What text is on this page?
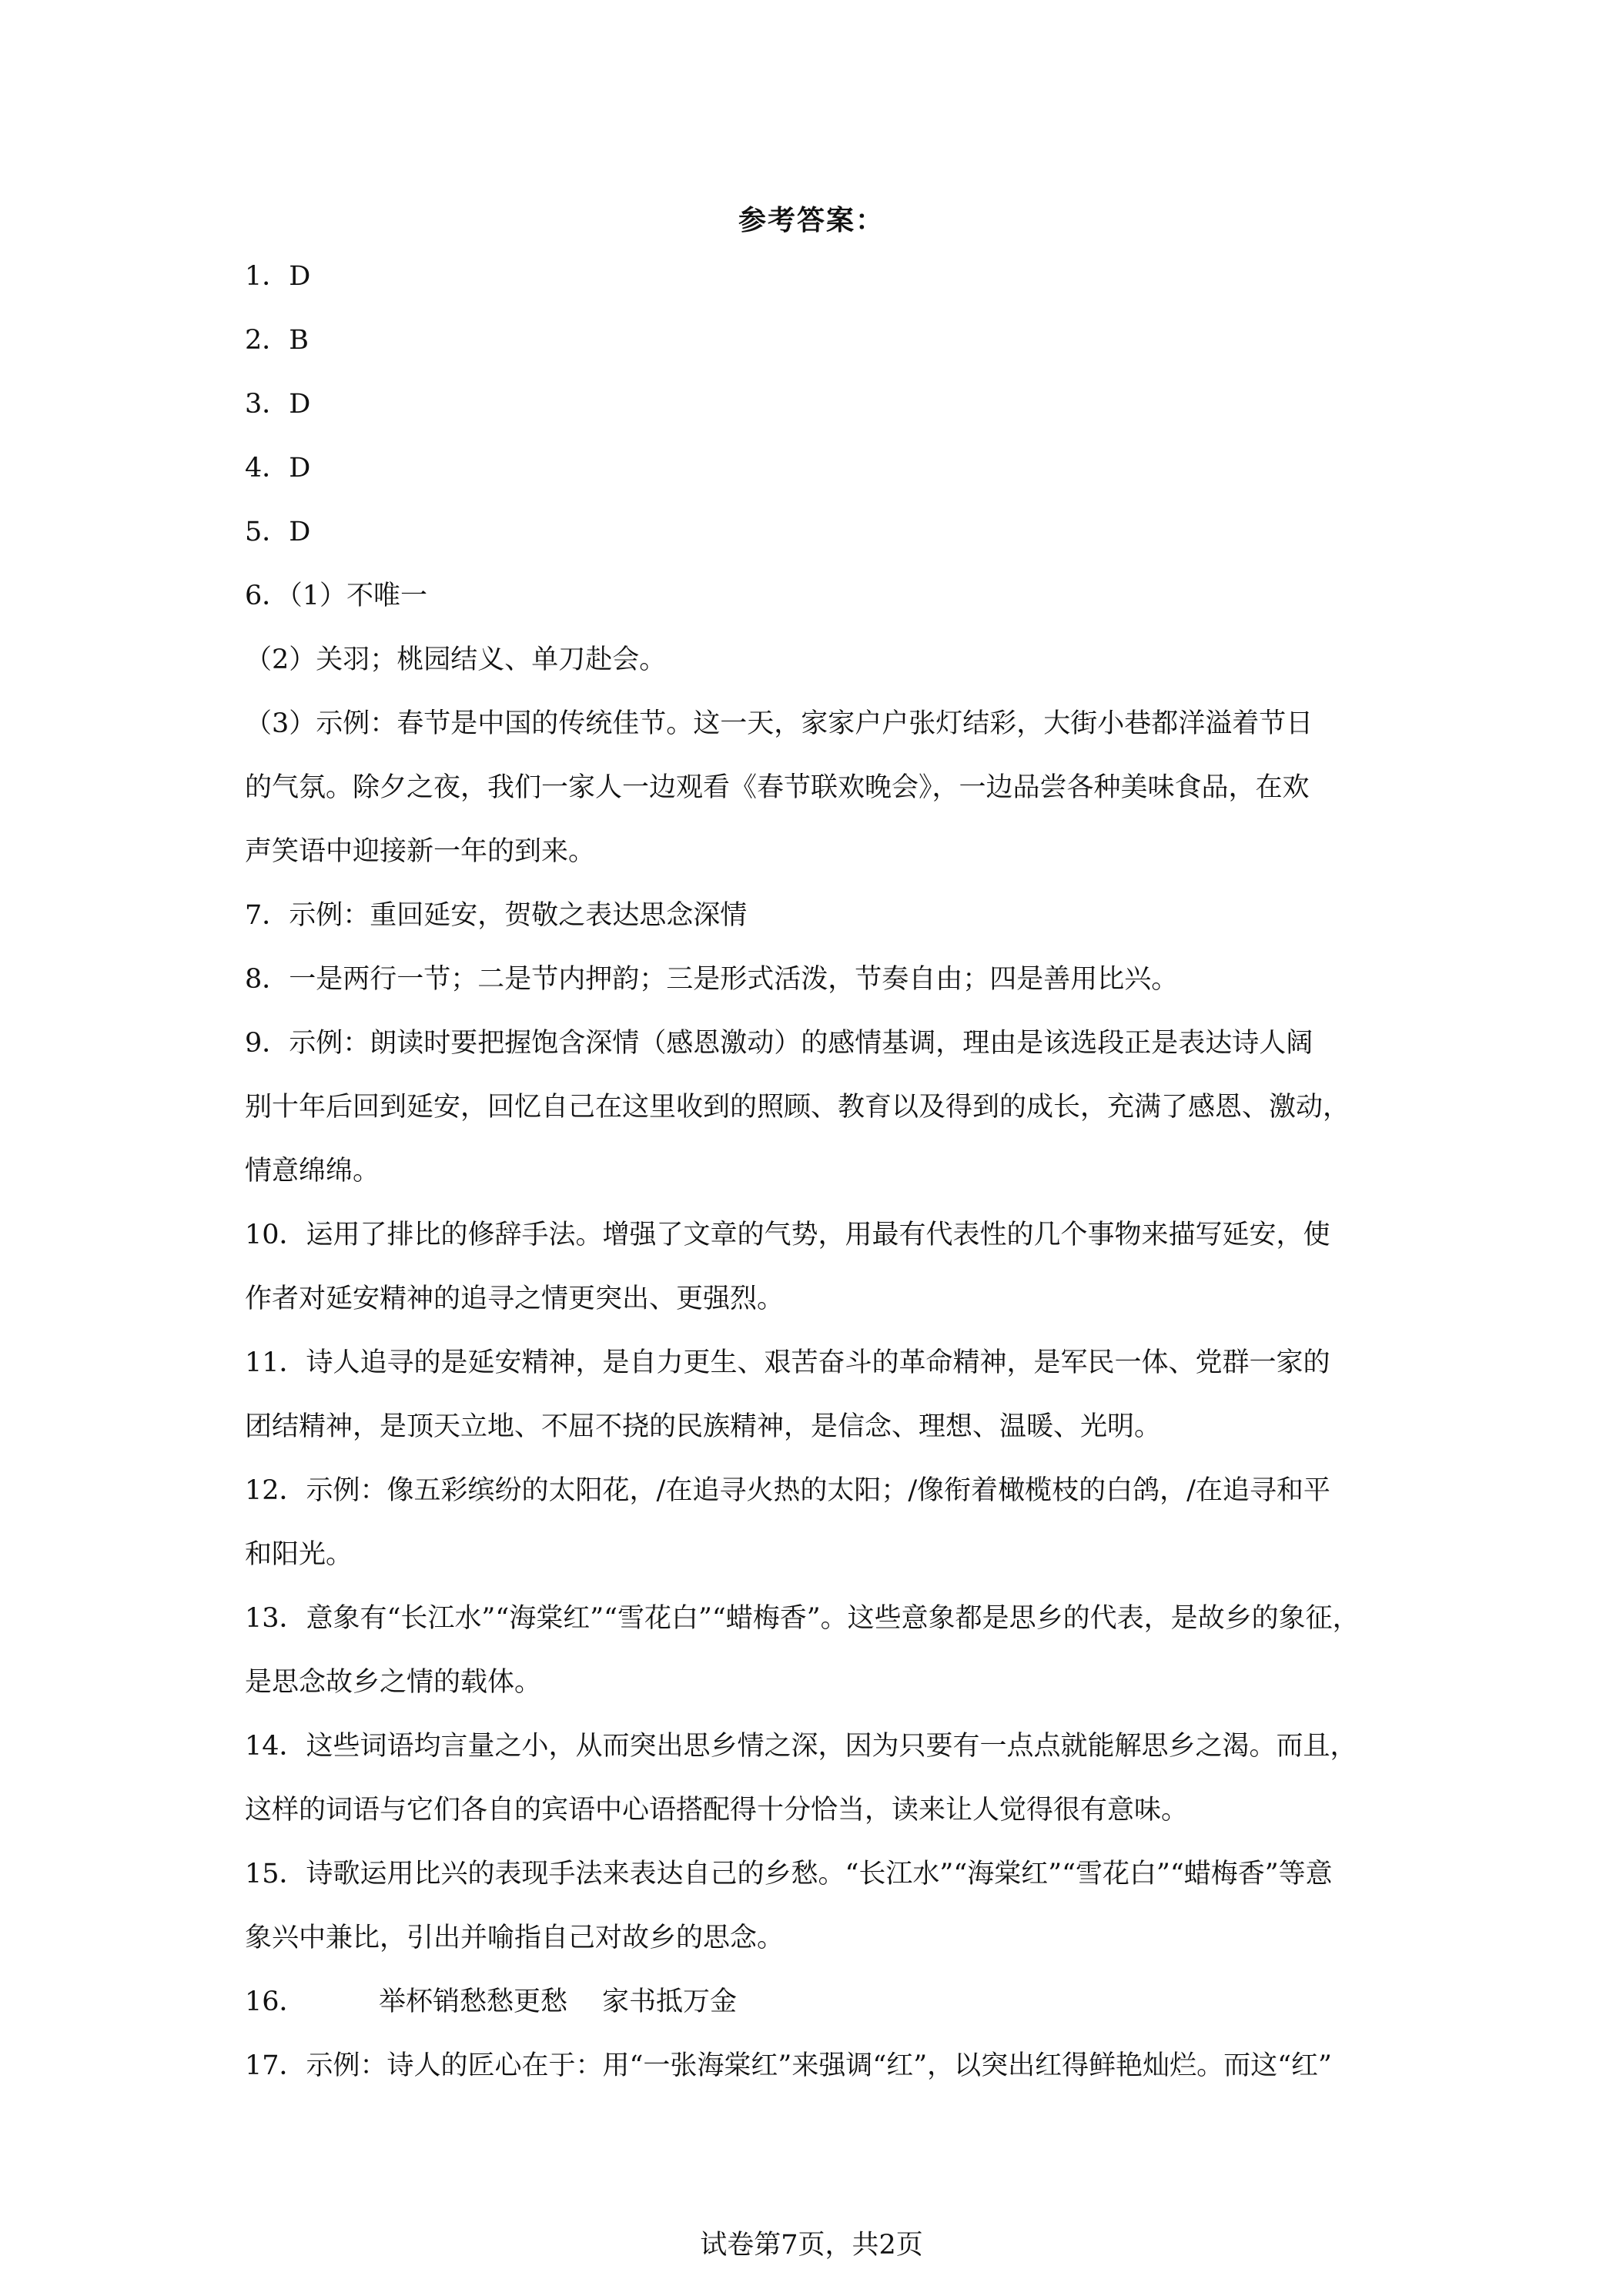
参考答案：
1．D
2．B
3．D
4．D
5．D
6．（1）不唯一
（2）关羽；桃园结义、单刀赴会。
（3）示例：春节是中国的传统佳节。这一天，家家户户张灯结彩，大街小巷都洋溢着节日
的气氛。除夕之夜，我们一家人一边观看《春节联欢晚会》，一边品尝各种美味食品，在欢
声笑语中迎接新一年的到来。
7．示例：重回延安，贺敬之表达思念深情
8．一是两行一节；二是节内押韵；三是形式活泼，节奏自由；四是善用比兴。
9．示例：朗读时要把握饱含深情（感恩激动）的感情基调，理由是该选段正是表达诗人阔
别十年后回到延安，回忆自己在这里收到的照顾、教育以及得到的成长，充满了感恩、激动，
情意绵绵。
10．运用了排比的修辞手法。增强了文章的气势，用最有代表性的几个事物来描写延安，使
作者对延安精神的追寻之情更突出、更强烈。
11．诗人追寻的是延安精神，是自力更生、艰苦奋斗的革命精神，是军民一体、党群一家的
团结精神，是顶天立地、不屈不挠的民族精神，是信念、理想、温暖、光明。
12．示例：像五彩缤纷的太阳花，/在追寻火热的太阳；/像衔着橄榄枝的白鸽，/在追寻和平
和阳光。
13．意象有“长江水”“海棠红”“雪花白”“蜡梅香”。这些意象都是思乡的代表，是故乡的象征，
是思念故乡之情的载体。
14．这些词语均言量之小，从而突出思乡情之深，因为只要有一点点就能解思乡之渴。而且，
这样的词语与它们各自的宾语中心语搭配得十分恰当，读来让人觉得很有意味。
15．诗歌运用比兴的表现手法来表达自己的乡愁。“长江水”“海棠红”“雪花白”“蜡梅香”等意
象兴中兼比，引出并喻指自己对故乡的思念。
16．	举杯销愁愁更愁 家书抵万金
17．示例：诗人的匠心在于：用“一张海棠红”来强调“红”，以突出红得鲜艳灿烂。而这“红”
试卷第7页，共2页
